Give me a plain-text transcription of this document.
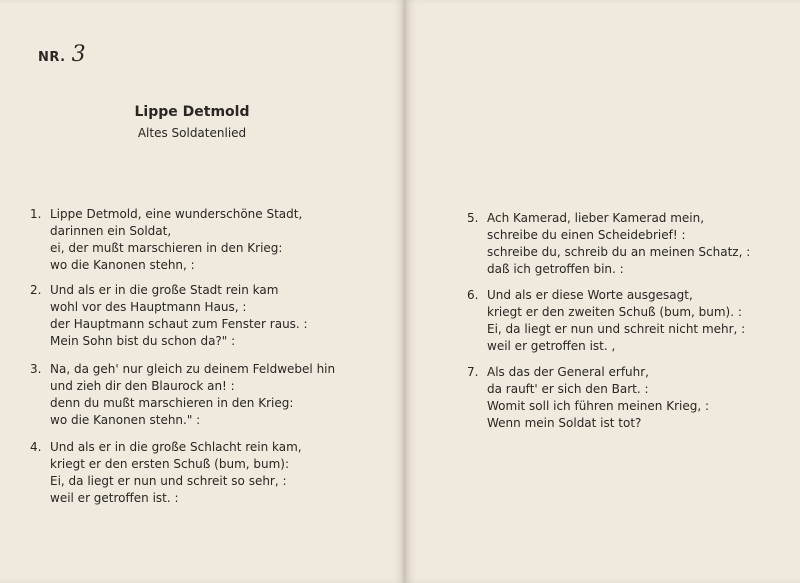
NR. 3
Lippe Detmold
Altes Soldatenlied
1. Lippe Detmold, eine wunderschöne Stadt,
darinnen ein Soldat,
ei, der mußt marschieren in den Krieg:
wo die Kanonen stehn, :
2. Und als er in die große Stadt rein kam
wohl vor des Hauptmann Haus, :
der Hauptmann schaut zum Fenster raus. :
Mein Sohn bist du schon da?" :
3. Na, da geh' nur gleich zu deinem Feldwebel hin
und zieh dir den Blaurock an! :
denn du mußt marschieren in den Krieg:
wo die Kanonen stehn." :
4. Und als er in die große Schlacht rein kam,
kriegt er den ersten Schuß (bum, bum):
Ei, da liegt er nun und schreit so sehr, :
weil er getroffen ist. :
5. Ach Kamerad, lieber Kamerad mein,
schreibe du einen Scheidebrief! :
schreibe du, schreib du an meinen Schatz, :
daß ich getroffen bin. :
6. Und als er diese Worte ausgesagt,
kriegt er den zweiten Schuß (bum, bum). :
Ei, da liegt er nun und schreit nicht mehr, :
weil er getroffen ist. ,
7. Als das der General erfuhr,
da rauft' er sich den Bart. :
Womit soll ich führen meinen Krieg, :
Wenn mein Soldat ist tot?
